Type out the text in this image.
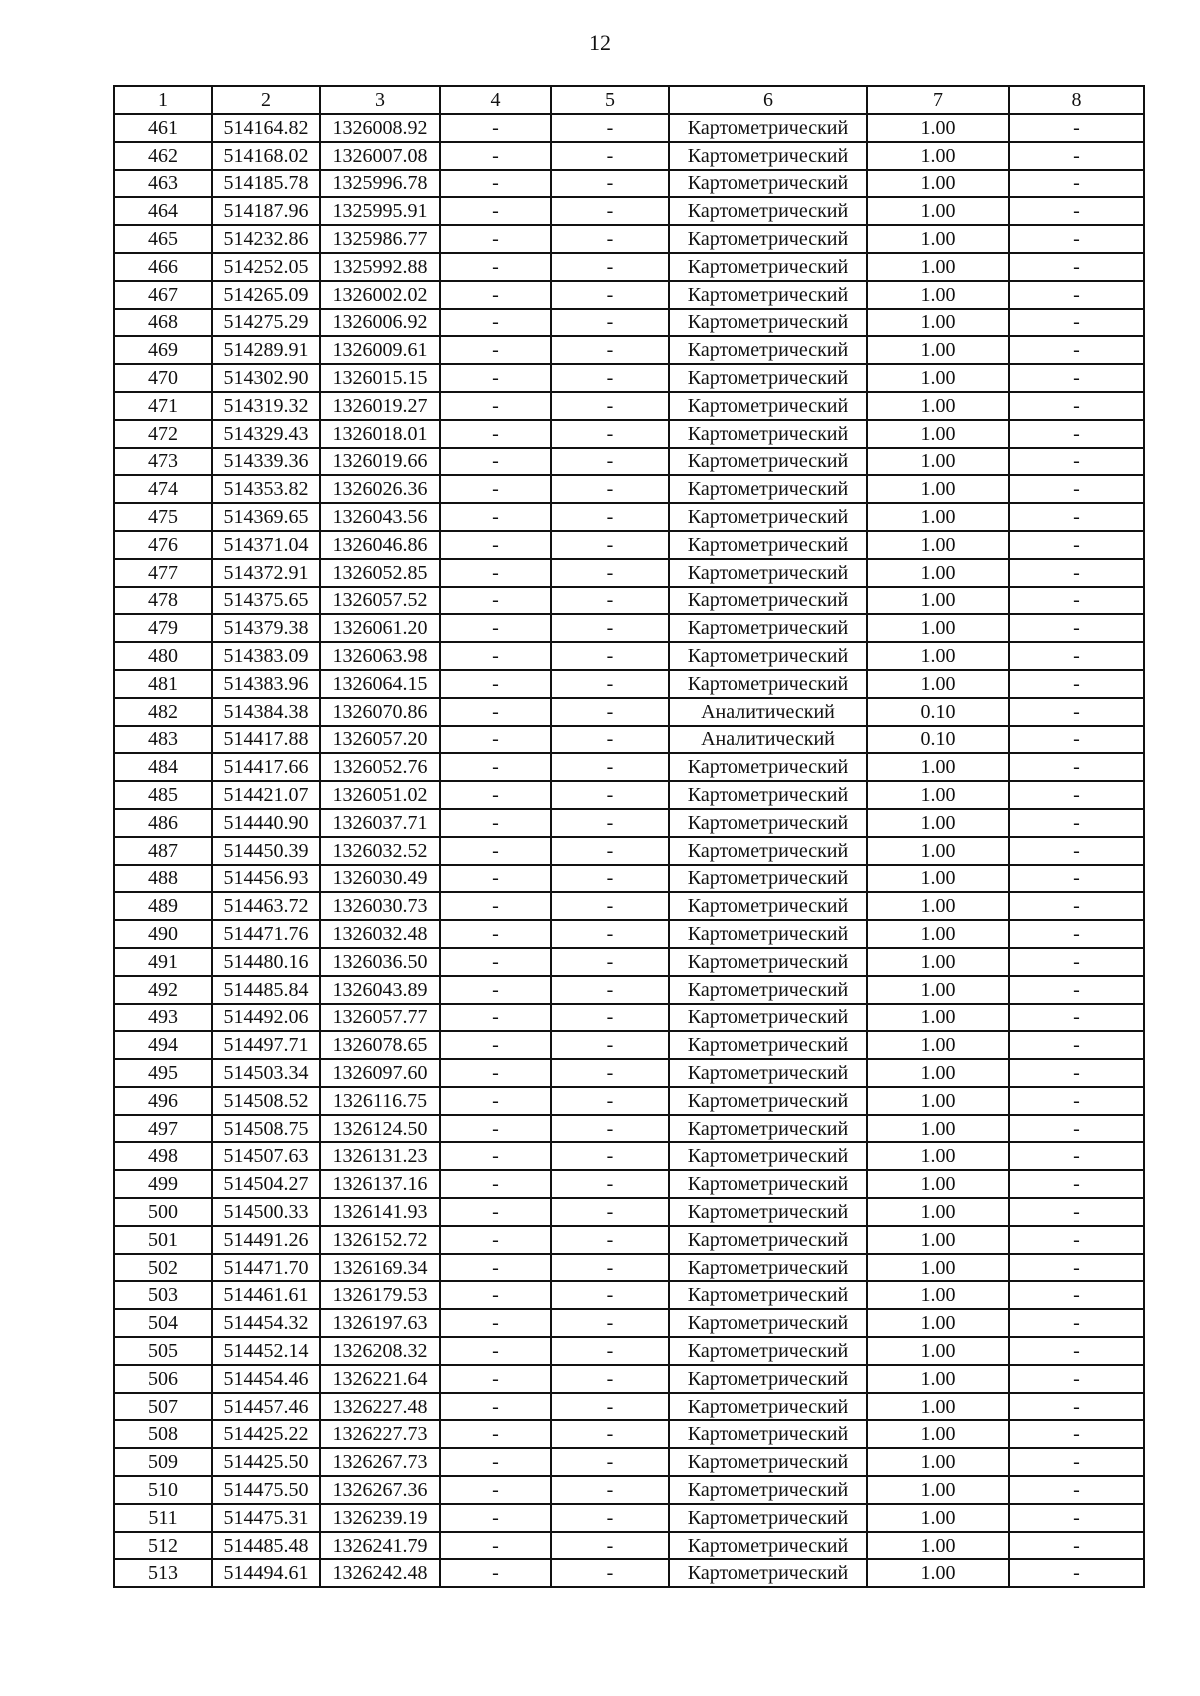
12
1	2	3	4	5	6	7	8
461	514164.82	1326008.92	-	-	Картометрический	1.00	-
462	514168.02	1326007.08	-	-	Картометрический	1.00	-
463	514185.78	1325996.78	-	-	Картометрический	1.00	-
464	514187.96	1325995.91	-	-	Картометрический	1.00	-
465	514232.86	1325986.77	-	-	Картометрический	1.00	-
466	514252.05	1325992.88	-	-	Картометрический	1.00	-
467	514265.09	1326002.02	-	-	Картометрический	1.00	-
468	514275.29	1326006.92	-	-	Картометрический	1.00	-
469	514289.91	1326009.61	-	-	Картометрический	1.00	-
470	514302.90	1326015.15	-	-	Картометрический	1.00	-
471	514319.32	1326019.27	-	-	Картометрический	1.00	-
472	514329.43	1326018.01	-	-	Картометрический	1.00	-
473	514339.36	1326019.66	-	-	Картометрический	1.00	-
474	514353.82	1326026.36	-	-	Картометрический	1.00	-
475	514369.65	1326043.56	-	-	Картометрический	1.00	-
476	514371.04	1326046.86	-	-	Картометрический	1.00	-
477	514372.91	1326052.85	-	-	Картометрический	1.00	-
478	514375.65	1326057.52	-	-	Картометрический	1.00	-
479	514379.38	1326061.20	-	-	Картометрический	1.00	-
480	514383.09	1326063.98	-	-	Картометрический	1.00	-
481	514383.96	1326064.15	-	-	Картометрический	1.00	-
482	514384.38	1326070.86	-	-	Аналитический	0.10	-
483	514417.88	1326057.20	-	-	Аналитический	0.10	-
484	514417.66	1326052.76	-	-	Картометрический	1.00	-
485	514421.07	1326051.02	-	-	Картометрический	1.00	-
486	514440.90	1326037.71	-	-	Картометрический	1.00	-
487	514450.39	1326032.52	-	-	Картометрический	1.00	-
488	514456.93	1326030.49	-	-	Картометрический	1.00	-
489	514463.72	1326030.73	-	-	Картометрический	1.00	-
490	514471.76	1326032.48	-	-	Картометрический	1.00	-
491	514480.16	1326036.50	-	-	Картометрический	1.00	-
492	514485.84	1326043.89	-	-	Картометрический	1.00	-
493	514492.06	1326057.77	-	-	Картометрический	1.00	-
494	514497.71	1326078.65	-	-	Картометрический	1.00	-
495	514503.34	1326097.60	-	-	Картометрический	1.00	-
496	514508.52	1326116.75	-	-	Картометрический	1.00	-
497	514508.75	1326124.50	-	-	Картометрический	1.00	-
498	514507.63	1326131.23	-	-	Картометрический	1.00	-
499	514504.27	1326137.16	-	-	Картометрический	1.00	-
500	514500.33	1326141.93	-	-	Картометрический	1.00	-
501	514491.26	1326152.72	-	-	Картометрический	1.00	-
502	514471.70	1326169.34	-	-	Картометрический	1.00	-
503	514461.61	1326179.53	-	-	Картометрический	1.00	-
504	514454.32	1326197.63	-	-	Картометрический	1.00	-
505	514452.14	1326208.32	-	-	Картометрический	1.00	-
506	514454.46	1326221.64	-	-	Картометрический	1.00	-
507	514457.46	1326227.48	-	-	Картометрический	1.00	-
508	514425.22	1326227.73	-	-	Картометрический	1.00	-
509	514425.50	1326267.73	-	-	Картометрический	1.00	-
510	514475.50	1326267.36	-	-	Картометрический	1.00	-
511	514475.31	1326239.19	-	-	Картометрический	1.00	-
512	514485.48	1326241.79	-	-	Картометрический	1.00	-
513	514494.61	1326242.48	-	-	Картометрический	1.00	-
